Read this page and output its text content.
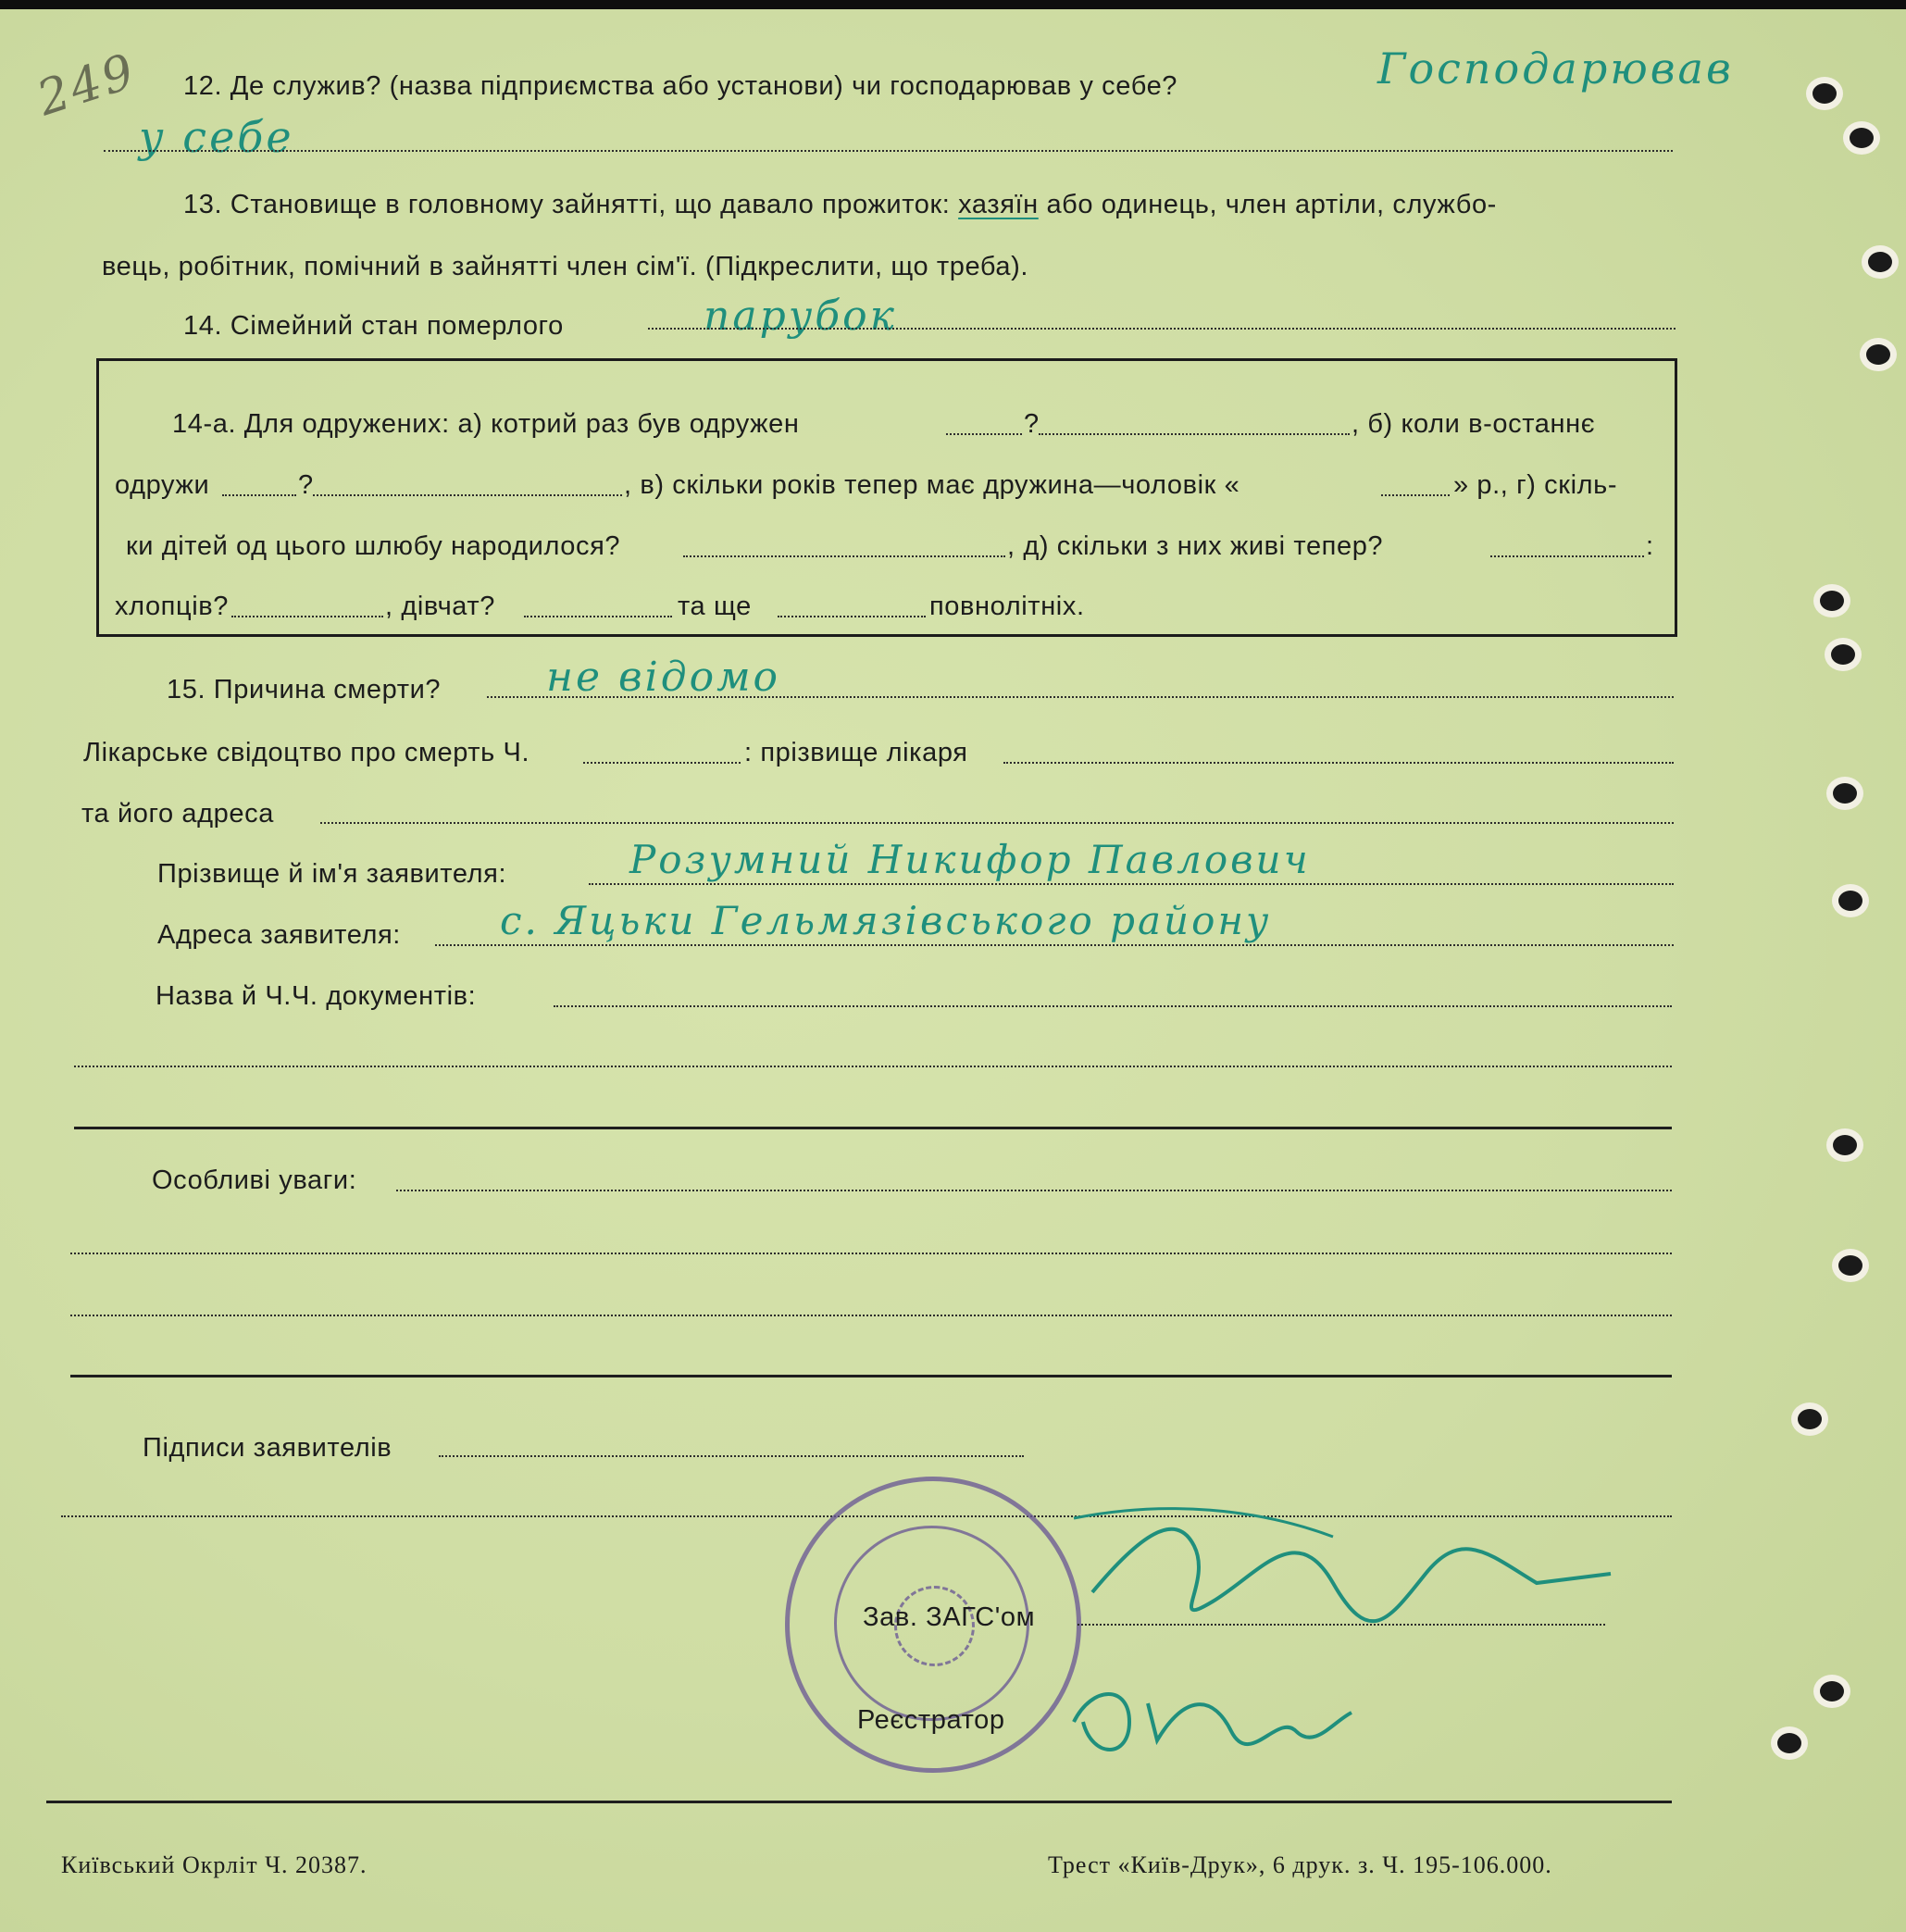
249 12. Де служив? (назва підприємства або установи) чи господарював у себе?	Господарював
у себе
13. Становище в головному зайнятті, що давало прожиток: хазяїн або одинець, член артіли, службо-
вець, робітник, помічний в зайнятті член сім'ї. (Підкреслити, що треба).
14. Сімейний стан померлого	парубок
14-а. Для одружених: а) котрий раз був одружен	?	, б) коли в-останнє
одружи	?	, в) скільки років тепер має дружина—чоловік «	» р., г) скіль-
ки дітей од цього шлюбу народилося?	, д) скільки з них живі тепер?	:
хлопців?	, дівчат?	та ще	повнолітніх.
15. Причина смерти?	не відомо
Лікарське свідоцтво про смерть Ч.	: прізвище лікаря
та його адреса
Прізвище й ім'я заявителя:	Розумний Никифор Павлович
Адреса заявителя:	с. Яцьки Гельмязівського району
Назва й Ч.Ч. документів:
Особливі уваги:
Підписи заявителів
Зав. ЗАГС'ом
Реєстратор
Київський Окрліт Ч. 20387.	Трест «Київ-Друк», 6 друк. з. Ч. 195-106.000.
